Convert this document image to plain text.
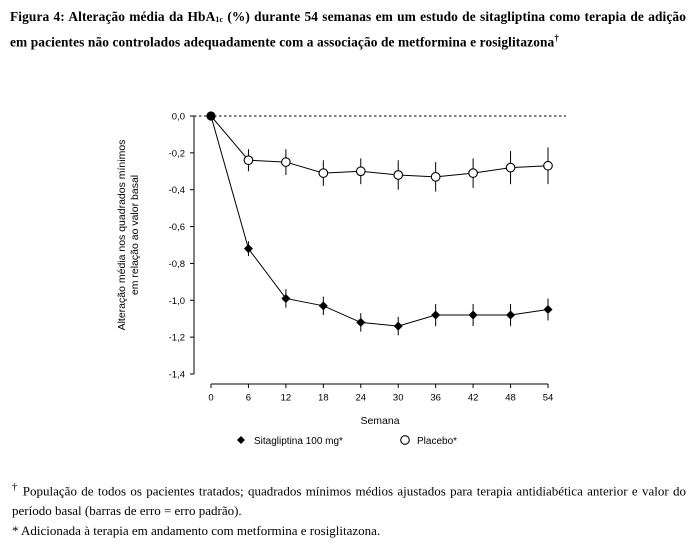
Figura 4: Alteração média da HbA$_{1c}$ (%) durante 54 semanas em um estudo de sitagliptina como terapia de adição em pacientes não controlados adequadamente com a associação de metformina e rosiglitazona†
Alteração média nos quadrados mínimos em relação ao valor basal
Semana
0,0
-0,2
-0,4
-0,6
-0,8
-1,0
-1,2
-1,4
0	6	12	18	24	30	36	42	48	54
Sitagliptina 100 mg*	Placebo*
† População de todos os pacientes tratados; quadrados mínimos médios ajustados para terapia antidiabética anterior e valor do período basal (barras de erro = erro padrão).
* Adicionada à terapia em andamento com metformina e rosiglitazona.
